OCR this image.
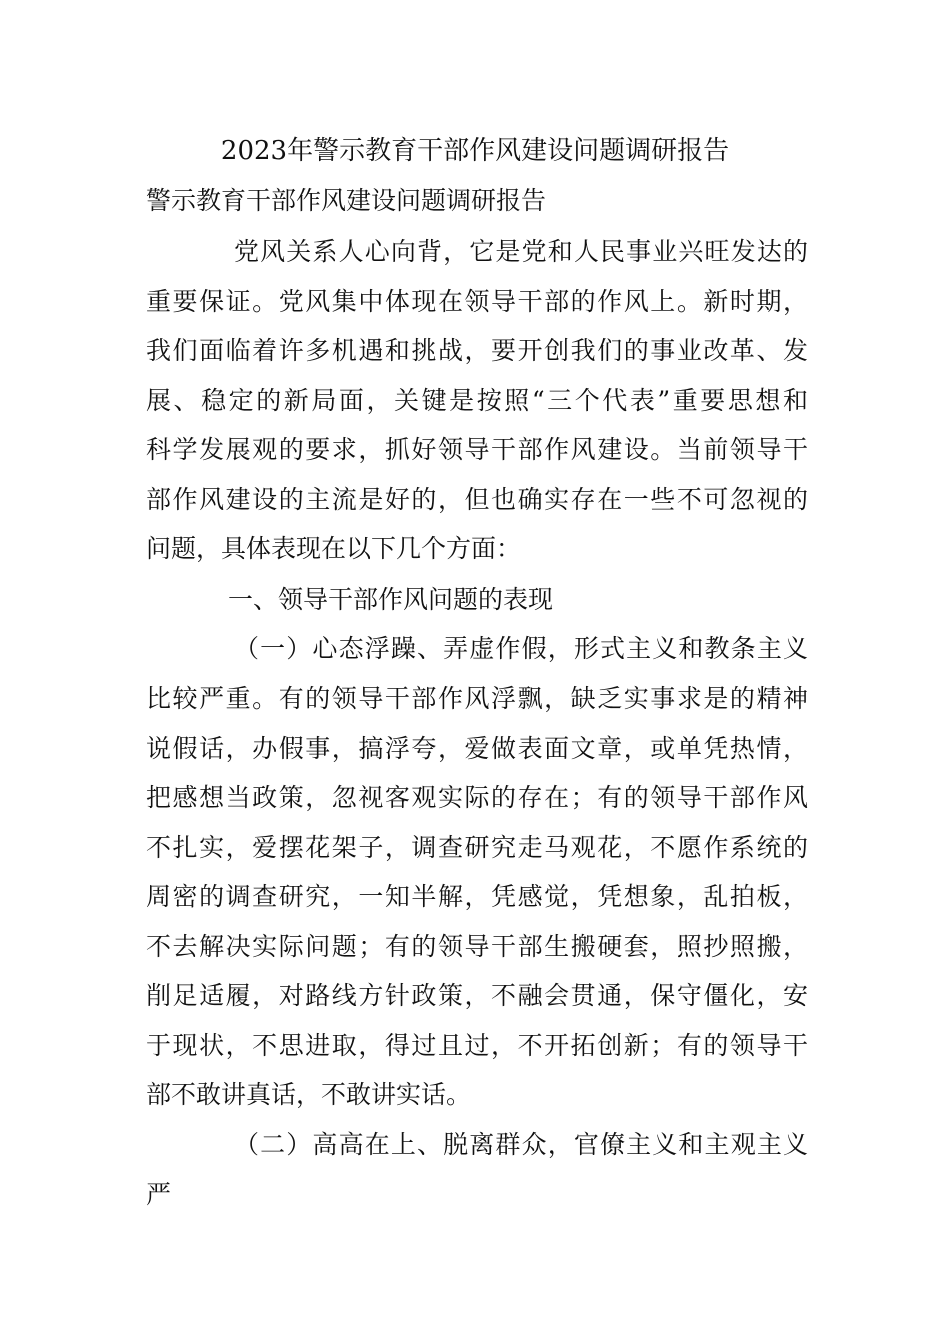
2023年警示教育干部作风建设问题调研报告
警示教育干部作风建设问题调研报告
党风关系人心向背，它是党和人民事业兴旺发达的
重要保证。党风集中体现在领导干部的作风上。新时期，
我们面临着许多机遇和挑战，要开创我们的事业改革、发
展、稳定的新局面，关键是按照“三个代表”重要思想和
科学发展观的要求，抓好领导干部作风建设。当前领导干
部作风建设的主流是好的，但也确实存在一些不可忽视的
问题，具体表现在以下几个方面：
一、领导干部作风问题的表现
（一）心态浮躁、弄虚作假，形式主义和教条主义
比较严重。有的领导干部作风浮飘，缺乏实事求是的精神
说假话，办假事，搞浮夸，爱做表面文章，或单凭热情，
把感想当政策，忽视客观实际的存在；有的领导干部作风
不扎实，爱摆花架子，调查研究走马观花，不愿作系统的
周密的调查研究，一知半解，凭感觉，凭想象，乱拍板，
不去解决实际问题；有的领导干部生搬硬套，照抄照搬，
削足适履，对路线方针政策，不融会贯通，保守僵化，安
于现状，不思进取，得过且过，不开拓创新；有的领导干
部不敢讲真话，不敢讲实话。
（二）高高在上、脱离群众，官僚主义和主观主义
严
